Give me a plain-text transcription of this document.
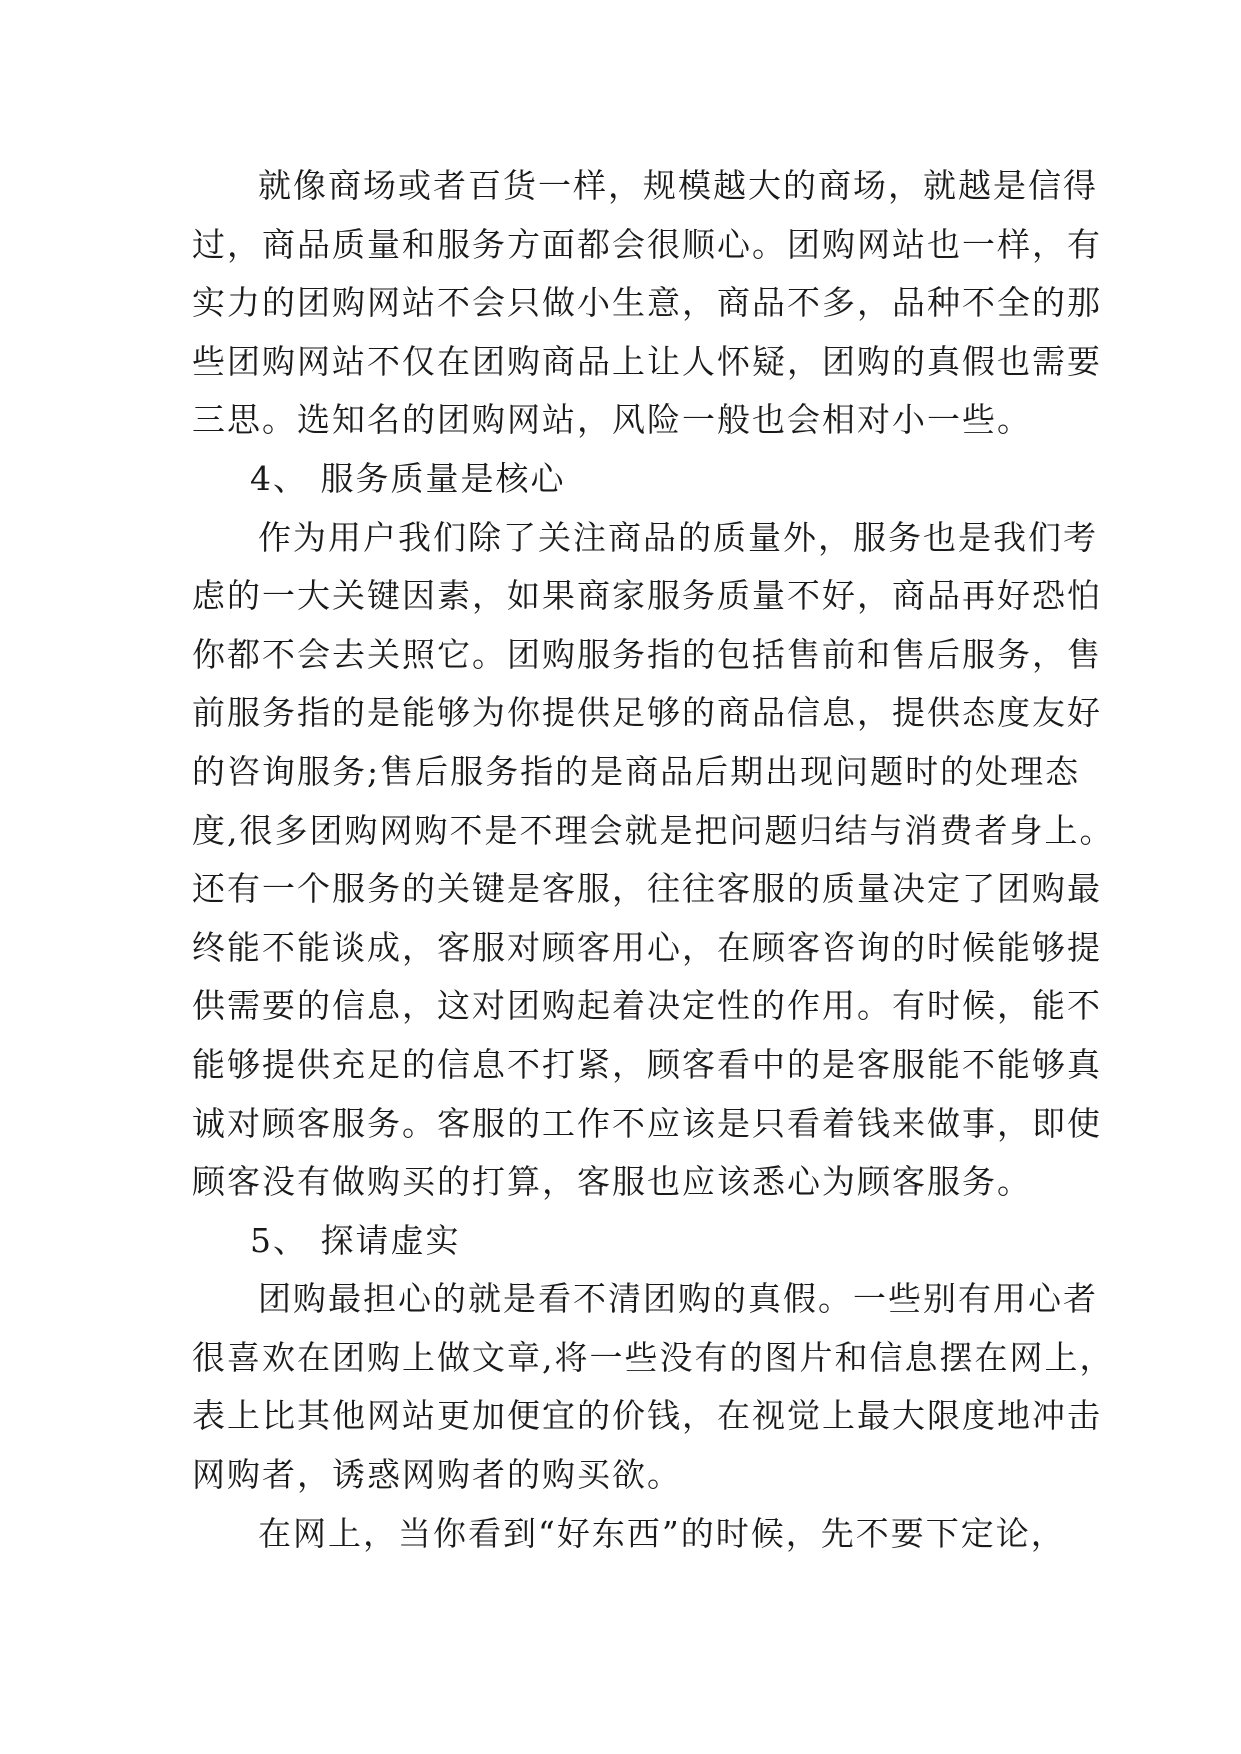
就像商场或者百货一样，规模越大的商场，就越是信得
过，商品质量和服务方面都会很顺心。团购网站也一样，有
实力的团购网站不会只做小生意，商品不多，品种不全的那
些团购网站不仅在团购商品上让人怀疑，团购的真假也需要
三思。选知名的团购网站，风险一般也会相对小一些。
4、 服务质量是核心
作为用户我们除了关注商品的质量外，服务也是我们考
虑的一大关键因素，如果商家服务质量不好，商品再好恐怕
你都不会去关照它。团购服务指的包括售前和售后服务，售
前服务指的是能够为你提供足够的商品信息，提供态度友好
的咨询服务;售后服务指的是商品后期出现问题时的处理态
度,很多团购网购不是不理会就是把问题归结与消费者身上。
还有一个服务的关键是客服，往往客服的质量决定了团购最
终能不能谈成，客服对顾客用心，在顾客咨询的时候能够提
供需要的信息，这对团购起着决定性的作用。有时候，能不
能够提供充足的信息不打紧，顾客看中的是客服能不能够真
诚对顾客服务。客服的工作不应该是只看着钱来做事，即使
顾客没有做购买的打算，客服也应该悉心为顾客服务。
5、 探请虚实
团购最担心的就是看不清团购的真假。一些别有用心者
很喜欢在团购上做文章,将一些没有的图片和信息摆在网上，
表上比其他网站更加便宜的价钱，在视觉上最大限度地冲击
网购者，诱惑网购者的购买欲。
在网上，当你看到“好东西”的时候，先不要下定论，
